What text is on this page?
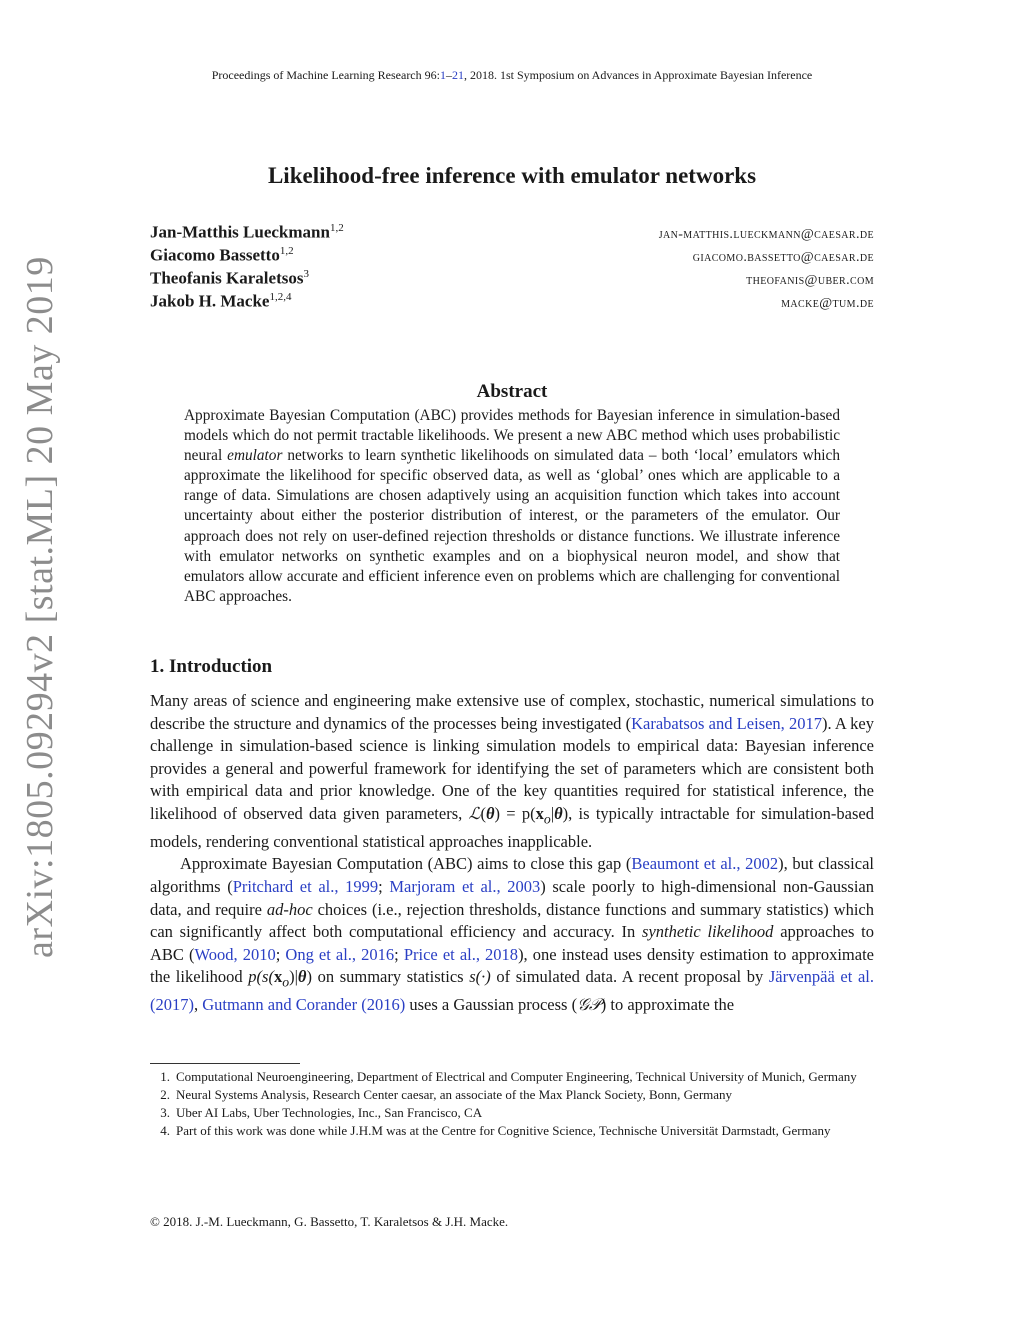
Proceedings of Machine Learning Research 96:1–21, 2018. 1st Symposium on Advances in Approximate Bayesian Inference
arXiv:1805.09294v2 [stat.ML] 20 May 2019
Likelihood-free inference with emulator networks
Jan-Matthis Lueckmann$^{1,2}$	jan-matthis.lueckmann@caesar.de
Giacomo Bassetto$^{1,2}$	giacomo.bassetto@caesar.de
Theofanis Karaletsos$^3$	theofanis@uber.com
Jakob H. Macke$^{1,2,4}$	macke@tum.de
Abstract
Approximate Bayesian Computation (ABC) provides methods for Bayesian inference in simulation-based models which do not permit tractable likelihoods. We present a new ABC method which uses probabilistic neural emulator networks to learn synthetic likelihoods on simulated data – both ‘local’ emulators which approximate the likelihood for specific observed data, as well as ‘global’ ones which are applicable to a range of data. Simulations are chosen adaptively using an acquisition function which takes into account uncertainty about either the posterior distribution of interest, or the parameters of the emulator. Our approach does not rely on user-defined rejection thresholds or distance functions. We illustrate inference with emulator networks on synthetic examples and on a biophysical neuron model, and show that emulators allow accurate and efficient inference even on problems which are challenging for conventional ABC approaches.
1. Introduction

Many areas of science and engineering make extensive use of complex, stochastic, numerical simulations to describe the structure and dynamics of the processes being investigated (Karabatsos and Leisen, 2017). A key challenge in simulation-based science is linking simulation models to empirical data: Bayesian inference provides a general and powerful framework for identifying the set of parameters which are consistent both with empirical data and prior knowledge. One of the key quantities required for statistical inference, the likelihood of observed data given parameters, ℒ(θ) = $p(x_o|\theta)$, is typically intractable for simulation-based models, rendering conventional statistical approaches inapplicable.

Approximate Bayesian Computation (ABC) aims to close this gap (Beaumont et al., 2002), but classical algorithms (Pritchard et al., 1999; Marjoram et al., 2003) scale poorly to high-dimensional non-Gaussian data, and require ad-hoc choices (i.e., rejection thresholds, distance functions and summary statistics) which can significantly affect both computational efficiency and accuracy. In synthetic likelihood approaches to ABC (Wood, 2010; Ong et al., 2016; Price et al., 2018), one instead uses density estimation to approximate the likelihood $p(s(x_o)|\theta)$ on summary statistics s(·) of simulated data. A recent proposal by Järvenpää et al. (2017), Gutmann and Corander (2016) uses a Gaussian process (𝒢𝒫) to approximate the

1. Computational Neuroengineering, Department of Electrical and Computer Engineering, Technical University of Munich, Germany
2. Neural Systems Analysis, Research Center caesar, an associate of the Max Planck Society, Bonn, Germany
3. Uber AI Labs, Uber Technologies, Inc., San Francisco, CA
4. Part of this work was done while J.H.M was at the Centre for Cognitive Science, Technische Universität Darmstadt, Germany
© 2018. J.-M. Lueckmann, G. Bassetto, T. Karaletsos & J.H. Macke.
